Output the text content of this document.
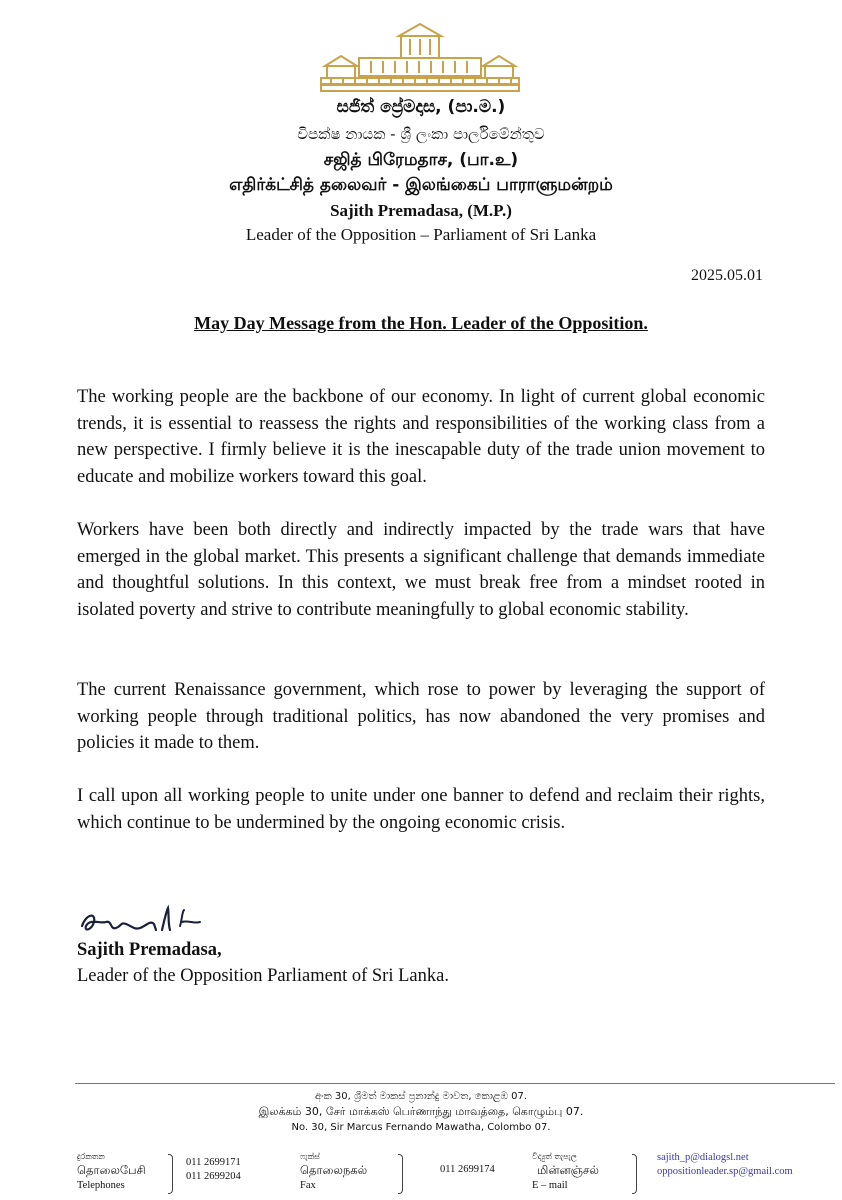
සජිත් ප්‍රේමදාස, (පා.ම.)
විපක්ෂ නායක - ශ්‍රී ලංකා පාර්ලිමේන්තුව
சஜித் பிரேமதாச, (பா.உ)
எதிர்க்ட்சித் தலைவர் - இலங்கைப் பாராளுமன்றம்
Sajith Premadasa, (M.P.)
Leader of the Opposition – Parliament of Sri Lanka
2025.05.01
May Day Message from the Hon. Leader of the Opposition.

The working people are the backbone of our economy. In light of current global economic trends, it is essential to reassess the rights and responsibilities of the working class from a new perspective. I firmly believe it is the inescapable duty of the trade union movement to educate and mobilize workers toward this goal.

Workers have been both directly and indirectly impacted by the trade wars that have emerged in the global market. This presents a significant challenge that demands immediate and thoughtful solutions. In this context, we must break free from a mindset rooted in isolated poverty and strive to contribute meaningfully to global economic stability.

The current Renaissance government, which rose to power by leveraging the support of working people through traditional politics, has now abandoned the very promises and policies it made to them.

I call upon all working people to unite under one banner to defend and reclaim their rights, which continue to be undermined by the ongoing economic crisis.

Sajith Premadasa,
Leader of the Opposition Parliament of Sri Lanka.
අංක 30, ශ්‍රීමත් මාකස් ප්‍රනාන්දු මාවත, කොළඹ 07.
இலக்கம் 30, சேர் மாக்கஸ் பெர்ணாந்து மாவத்தை, கொழும்பு 07.
No. 30, Sir Marcus Fernando Mawatha, Colombo 07.
දුරකතන
தொலைபேசி
Telephones
011 2699171
011 2699204
ෆැක්ස්
தொலைநகல்
Fax
011 2699174
විද්‍යුත් තැපැල
மின்னஞ்சல்
E – mail
sajith_p@dialogsl.net
oppositionleader.sp@gmail.com
